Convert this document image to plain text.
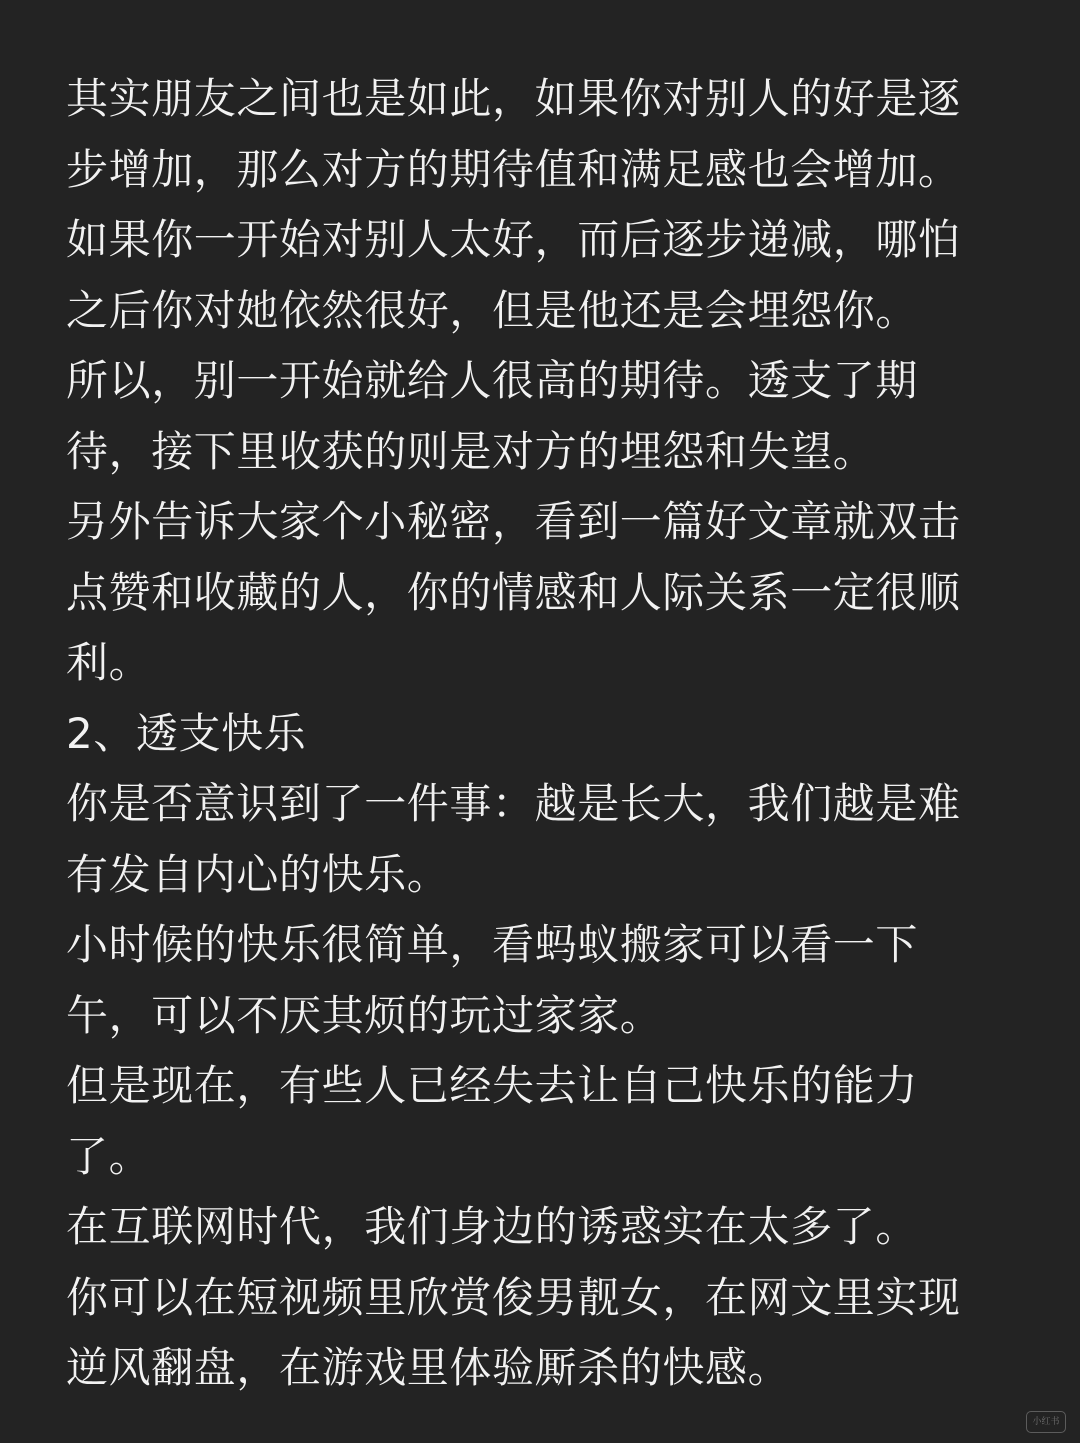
其实朋友之间也是如此，如果你对别人的好是逐
步增加，那么对方的期待值和满足感也会增加。
如果你一开始对别人太好，而后逐步递减，哪怕
之后你对她依然很好，但是他还是会埋怨你。
所以，别一开始就给人很高的期待。透支了期
待，接下里收获的则是对方的埋怨和失望。
另外告诉大家个小秘密，看到一篇好文章就双击
点赞和收藏的人，你的情感和人际关系一定很顺
利。
2、透支快乐
你是否意识到了一件事：越是长大，我们越是难
有发自内心的快乐。
小时候的快乐很简单，看蚂蚁搬家可以看一下
午，可以不厌其烦的玩过家家。
但是现在，有些人已经失去让自己快乐的能力
了。
在互联网时代，我们身边的诱惑实在太多了。
你可以在短视频里欣赏俊男靓女，在网文里实现
逆风翻盘，在游戏里体验厮杀的快感。
小红书
